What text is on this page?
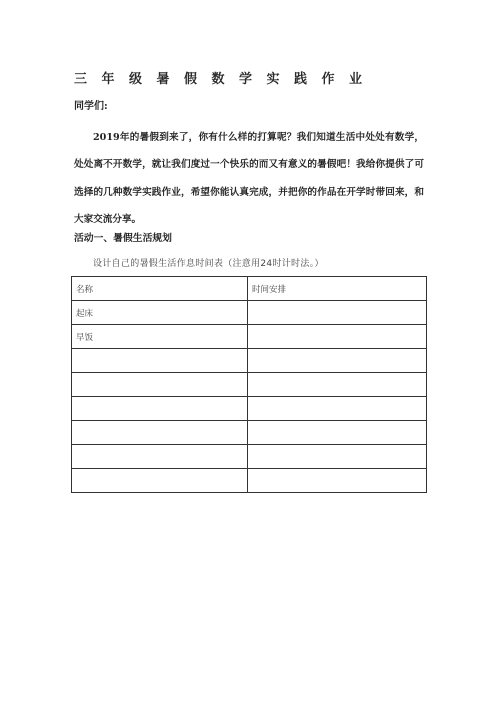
三年级暑假数学实践作业
同学们:
2019年的暑假到来了，你有什么样的打算呢？我们知道生活中处处有数学，处处离不开数学，就让我们度过一个快乐的而又有意义的暑假吧！我给你提供了可选择的几种数学实践作业，希望你能认真完成，并把你的作品在开学时带回来，和大家交流分享。
活动一、暑假生活规划
设计自己的暑假生活作息时间表（注意用24时计时法。）
名称	时间安排
起床	
早饭	
